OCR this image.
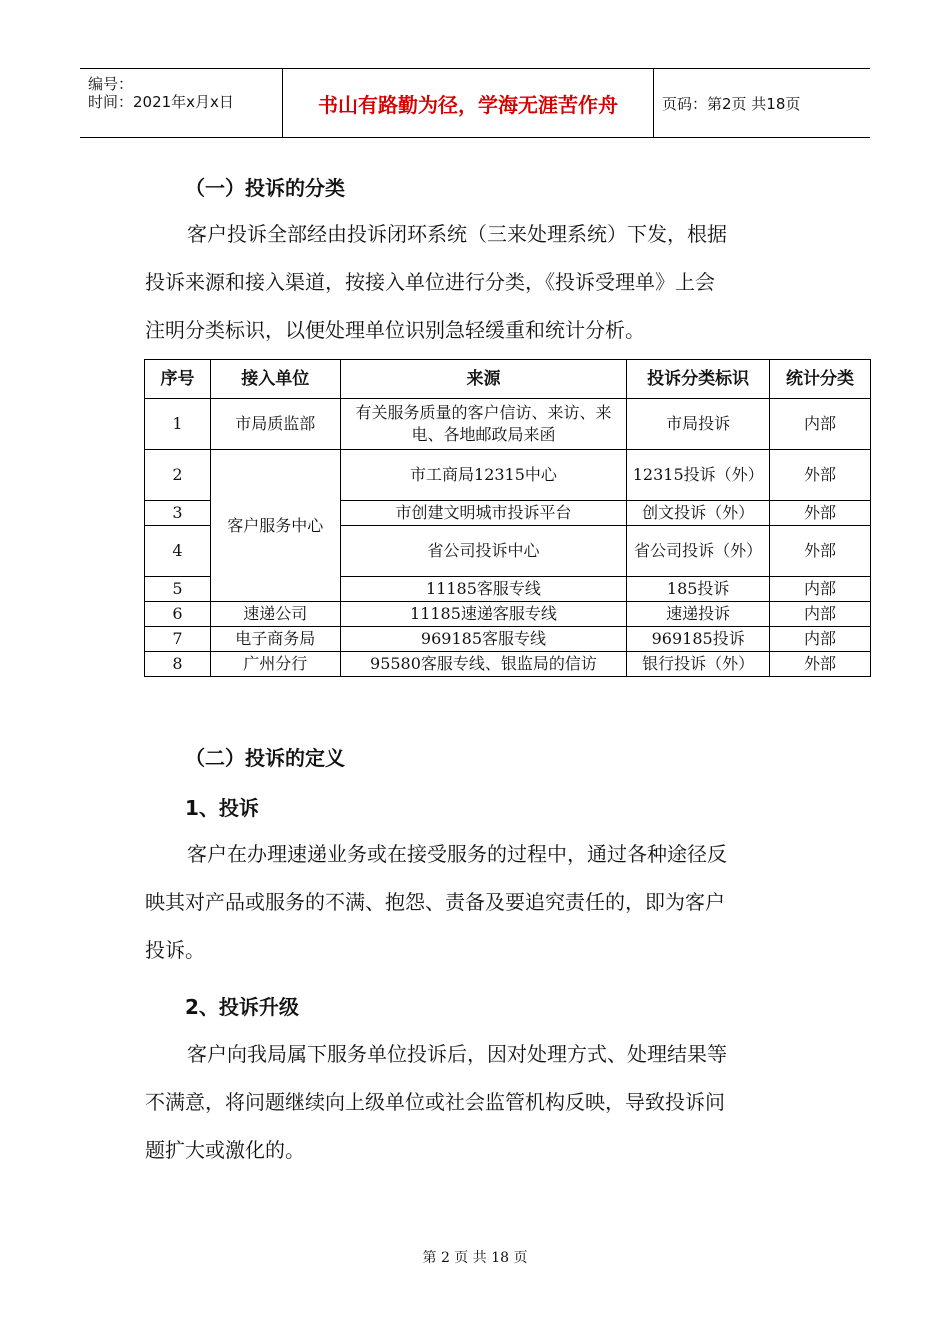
编号：
时间：2021年x月x日	书山有路勤为径，学海无涯苦作舟	页码：第2页 共18页
（一）投诉的分类
客户投诉全部经由投诉闭环系统（三来处理系统）下发，根据
投诉来源和接入渠道，按接入单位进行分类，《投诉受理单》上会
注明分类标识，以便处理单位识别急轻缓重和统计分析。
序号	接入单位	来源	投诉分类标识	统计分类
1	市局质监部	有关服务质量的客户信访、来访、来电、各地邮政局来函	市局投诉	内部
2	客户服务中心	市工商局12315中心	12315投诉（外）	外部
3		市创建文明城市投诉平台	创文投诉（外）	外部
4		省公司投诉中心	省公司投诉（外）	外部
5		11185客服专线	185投诉	内部
6	速递公司	11185速递客服专线	速递投诉	内部
7	电子商务局	969185客服专线	969185投诉	内部
8	广州分行	95580客服专线、银监局的信访	银行投诉（外）	外部
（二）投诉的定义
1、投诉
客户在办理速递业务或在接受服务的过程中，通过各种途径反
映其对产品或服务的不满、抱怨、责备及要追究责任的，即为客户
投诉。
2、投诉升级
客户向我局属下服务单位投诉后，因对处理方式、处理结果等
不满意，将问题继续向上级单位或社会监管机构反映，导致投诉问
题扩大或激化的。
第 2 页 共 18 页
